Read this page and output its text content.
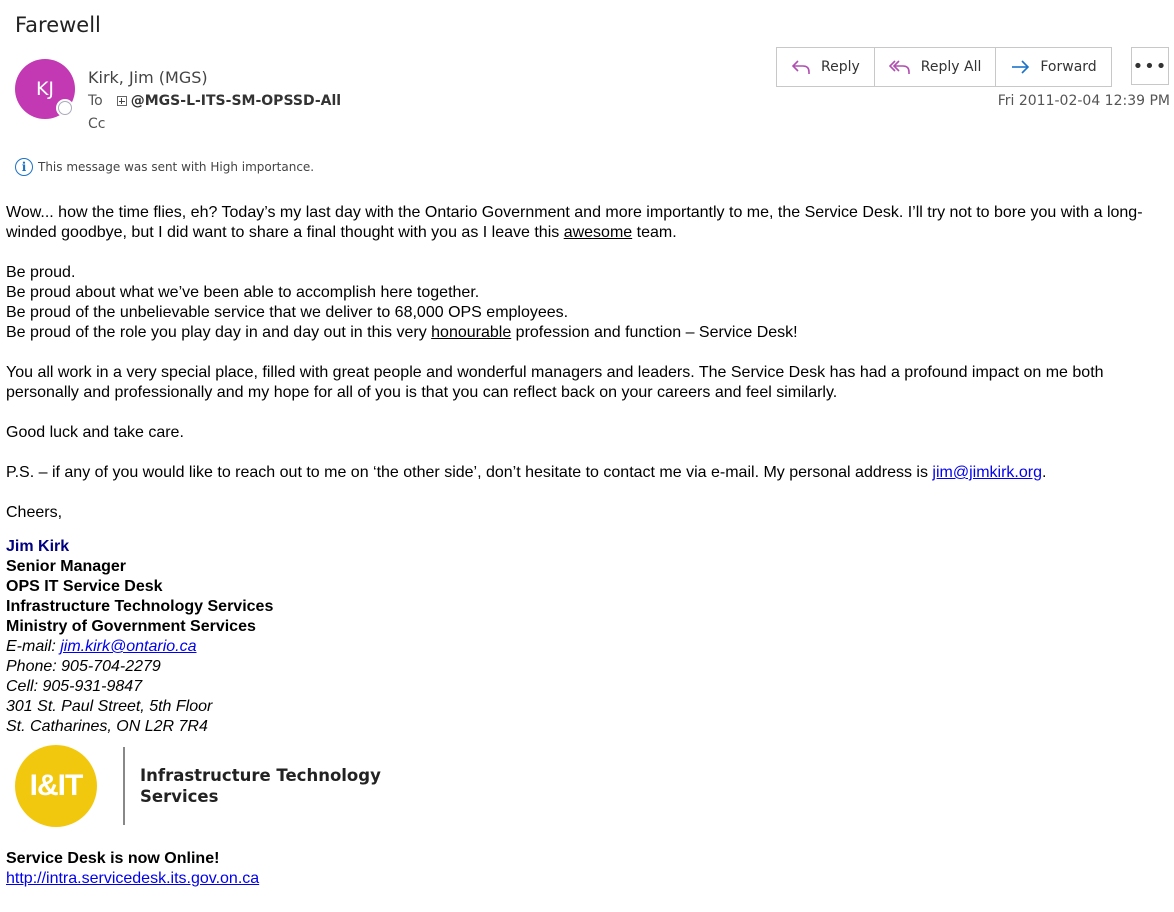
Farewell
KJ
Kirk, Jim (MGS)
To @MGS-L-ITS-SM-OPSSD-All
Cc
Reply	Reply All	Forward •••
Fri 2011-02-04 12:39 PM
i This message was sent with High importance.

Wow... how the time flies, eh? Today’s my last day with the Ontario Government and more importantly to me, the Service Desk. I’ll try not to bore you with a long-winded goodbye, but I did want to share a final thought with you as I leave this awesome team.

Be proud.

Be proud about what we’ve been able to accomplish here together.

Be proud of the unbelievable service that we deliver to 68,000 OPS employees.

Be proud of the role you play day in and day out in this very honourable profession and function – Service Desk!

You all work in a very special place, filled with great people and wonderful managers and leaders. The Service Desk has had a profound impact on me both personally and professionally and my hope for all of you is that you can reflect back on your careers and feel similarly.

Good luck and take care.

P.S. – if any of you would like to reach out to me on ‘the other side’, don’t hesitate to contact me via e-mail. My personal address is jim@jimkirk.org.

Cheers,

Jim Kirk
Senior Manager
OPS IT Service Desk
Infrastructure Technology Services
Ministry of Government Services
E-mail: jim.kirk@ontario.ca
Phone: 905-704-2279
Cell: 905-931-9847
301 St. Paul Street, 5th Floor
St. Catharines, ON L2R 7R4
I&IT	Infrastructure Technology
Services
Service Desk is now Online!
http://intra.servicedesk.its.gov.on.ca
